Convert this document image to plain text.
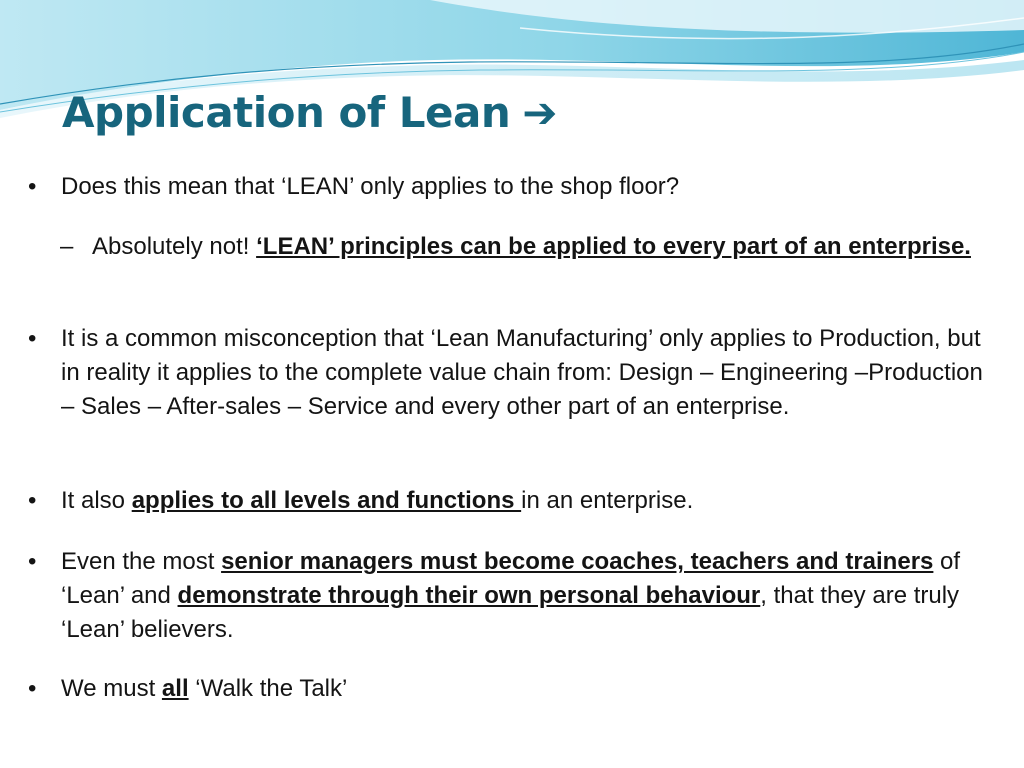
Application of Lean ➔
• Does this mean that ‘LEAN’ only applies to the shop floor?
– Absolutely not! ‘LEAN’ principles can be applied to every part of an enterprise.
• It is a common misconception that ‘Lean Manufacturing’ only applies to Production, but in reality it applies to the complete value chain from: Design – Engineering –Production – Sales – After-sales – Service and every other part of an enterprise.
• It also applies to all levels and functions in an enterprise.
• Even the most senior managers must become coaches, teachers and trainers of ‘Lean’ and demonstrate through their own personal behaviour, that they are truly ‘Lean’ believers.
• We must all ‘Walk the Talk’
